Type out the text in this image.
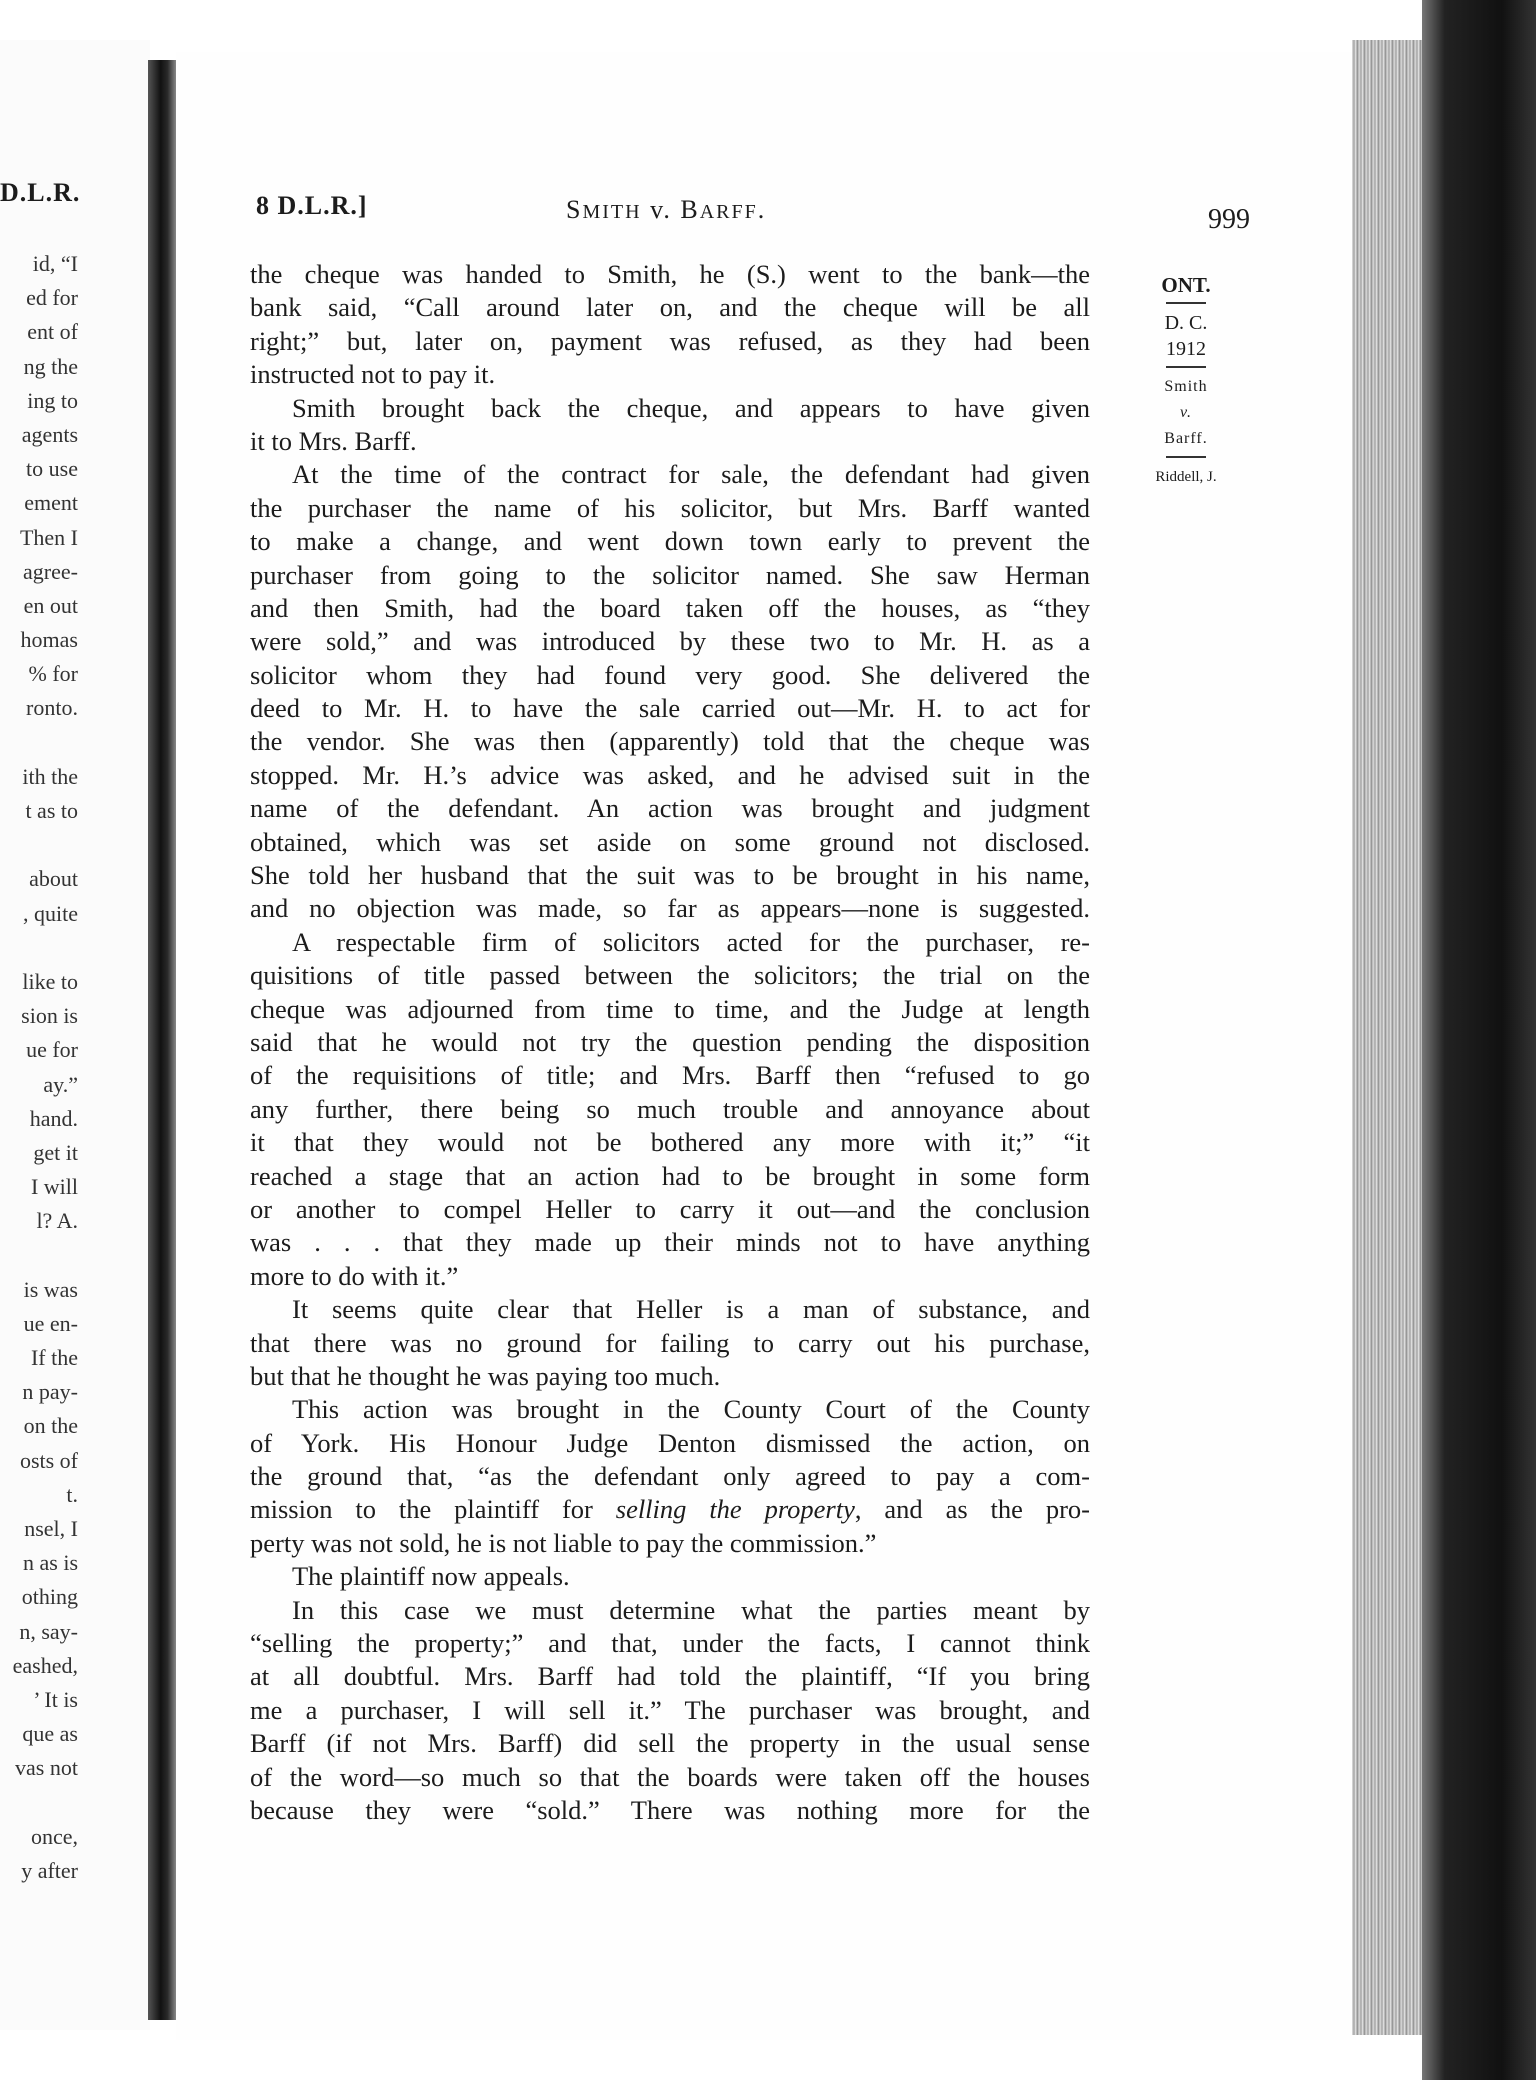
D.L.R.
id, “I
ed for
ent of
ng the
ing to
agents
to use
ement
Then I
agree-
en out
homas
% for
ronto.
ith the
t as to
about
, quite
like to
sion is
ue for
ay.”
hand.
get it
I will
l? A.
is was
ue en-
If the
n pay-
on the
osts of
t.
nsel, I
n as is
othing
n, say-
eashed,
’ It is
que as
vas not
once,
y after
8 D.L.R.]	SMITH v. BARFF.	999
ONT.
D. C.
1912
Smith
v.
Barff.
Riddell, J.
the cheque was handed to Smith, he (S.) went to the bank—the
bank said, “Call around later on, and the cheque will be all
right;” but, later on, payment was refused, as they had been
instructed not to pay it.
Smith brought back the cheque, and appears to have given
it to Mrs. Barff.
At the time of the contract for sale, the defendant had given
the purchaser the name of his solicitor, but Mrs. Barff wanted
to make a change, and went down town early to prevent the
purchaser from going to the solicitor named. She saw Herman
and then Smith, had the board taken off the houses, as “they
were sold,” and was introduced by these two to Mr. H. as a
solicitor whom they had found very good. She delivered the
deed to Mr. H. to have the sale carried out—Mr. H. to act for
the vendor. She was then (apparently) told that the cheque was
stopped. Mr. H.’s advice was asked, and he advised suit in the
name of the defendant. An action was brought and judgment
obtained, which was set aside on some ground not disclosed.
She told her husband that the suit was to be brought in his name,
and no objection was made, so far as appears—none is suggested.
A respectable firm of solicitors acted for the purchaser, re-
quisitions of title passed between the solicitors; the trial on the
cheque was adjourned from time to time, and the Judge at length
said that he would not try the question pending the disposition
of the requisitions of title; and Mrs. Barff then “refused to go
any further, there being so much trouble and annoyance about
it that they would not be bothered any more with it;” “it
reached a stage that an action had to be brought in some form
or another to compel Heller to carry it out—and the conclusion
was . . . that they made up their minds not to have anything
more to do with it.”
It seems quite clear that Heller is a man of substance, and
that there was no ground for failing to carry out his purchase,
but that he thought he was paying too much.
This action was brought in the County Court of the County
of York. His Honour Judge Denton dismissed the action, on
the ground that, “as the defendant only agreed to pay a com-
mission to the plaintiff for selling the property, and as the pro-
perty was not sold, he is not liable to pay the commission.”
The plaintiff now appeals.
In this case we must determine what the parties meant by
“selling the property;” and that, under the facts, I cannot think
at all doubtful. Mrs. Barff had told the plaintiff, “If you bring
me a purchaser, I will sell it.” The purchaser was brought, and
Barff (if not Mrs. Barff) did sell the property in the usual sense
of the word—so much so that the boards were taken off the houses
because they were “sold.” There was nothing more for the
